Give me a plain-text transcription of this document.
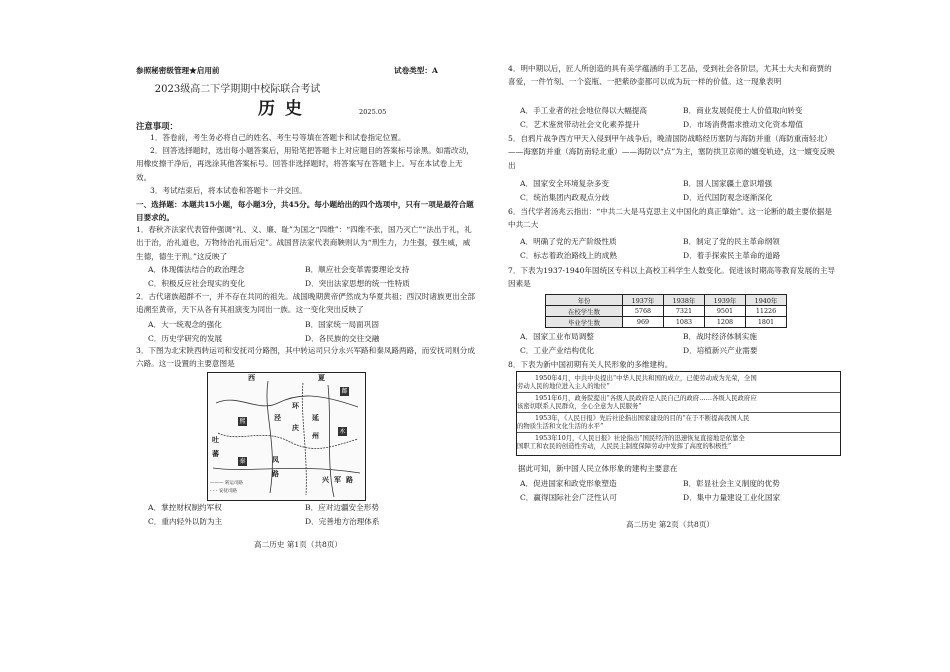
参照秘密级管理★启用前	试卷类型：A
2023级高二下学期期中校际联合考试
历 史	2025.05
注意事项：
1．答卷前，考生务必将自己的姓名、考生号等填在答题卡和试卷指定位置。
2．回答选择题时，选出每小题答案后，用铅笔把答题卡上对应题目的答案标号涂黑。如需改动，用橡皮擦干净后，再选涂其他答案标号。回答非选择题时，将答案写在答题卡上。写在本试卷上无效。
3．考试结束后，将本试卷和答题卡一并交回。
一、选择题：本题共15小题，每小题3分，共45分。每小题给出的四个选项中，只有一项是最符合题目要求的。
1．春秋齐法家代表管仲强调“礼、义、廉、耻”为国之“四维”：“四维不张，国乃灭亡”“法出于礼，礼出于治，治礼道也，万物待治礼而后定”。战国晋法家代表商鞅则认为“刑生力，力生强，强生威，威生德，德生于刑。”这反映了
A．体现儒法结合的政治理念	B．顺应社会变革需要理论支持
C．积极反应社会现实的变化	D．突出法家思想的统一性特质
2．古代诸族超群不一，并不存在共同的祖先。战国晚期黄帝俨然成为华夏共祖；西汉时诸族更出全部追溯至黄帝，天下从各有其祖演变为同出一族。这一变化突出反映了
A．大一统观念的强化	B．国家统一局面巩固
C．历史学研究的发展	D．各民族的交往交融
3．下图为北宋陕西转运司和安抚司分路图，其中转运司只分永兴军路和秦凤路两路，而安抚司则分成六路。这一设置的主要意图是
西	夏
吐
蕃
熙
秦
泾
环
鄜
延
庆
州	永
凤
路
兴 军 路
——— 转运司路
- - - 安抚司路
A．掌控财权制约军权	B．应对边疆安全形势
C．重内轻外以防为主	D．完善地方治理体系
高二历史 第1页（共8页）
4．明中期以后，匠人所创造的具有美学蕴涵的手工艺品，受到社会各阶层，尤其士大夫和商贾的喜爱，一件竹刻、一个瓷瓶、一把紫砂壶都可以成为玩一样的价值。这一现象表明
A．手工业者的社会地位得以大幅提高	B．商业发展促使士人价值取向转变
C．艺术鉴赏带动社会文化素养提升	D．市场消费需求推动文化资本增值
5．自鸦片战争西方甲天入侵到甲午战争后，晚清国防战略经历塞防与海防并重（海防重南轻北）——海塞防并重（海防南轻北重）——海防以“点”为主，塞防拱卫京师的嬗变轨迹，这一嬗变反映出
A．国家安全环境复杂多变	B．国人国家疆土意识增强
C．统治集团内政观点分歧	D．近代国防观念逐渐深化
6．当代学者汤兆云指出：“中共二大是马克思主义中国化的真正肇始”。这一论断的最主要依据是中共二大
A．明确了党的无产阶级性质	B．制定了党的民主革命纲领
C．标志着政治路线上的成熟	D．着手探索民主革命的道路
7．下表为1937-1940年国统区专科以上高校工科学生人数变化。促进该时期高等教育发展的主导因素是
年份	1937年	1938年	1939年	1940年
在校学生数	5768	7321	9501	11226
毕业学生数	969	1083	1208	1801
A．国家工业布局调整	B．战时经济体制实施
C．工业产业结构优化	D．培植新兴产业需要
8．下表为新中国初期有关人民形象的多维建构。
1950年4月，中共中央提出“中华人民共和国的成立，已使劳动成为光荣，全国
劳动人民的地位进入主人的地位”
1951年6月，政务院提出“各级人民政府是人民自己的政府……各级人民政府应
该密切联系人民群众，全心全意为人民服务”
1953年，《人民日报》先后社论指出国家建设的目的“在于不断提高我国人民
的物质生活和文化生活的水平”
1953年10月，《人民日报》社论指出“国民经济的迅速恢复直接地是依靠全
国职工和农民的创造性劳动，人民民主制度保障劳动中发挥了高度的积极性”
据此可知，新中国人民立体形象的建构主要意在
A．促进国家和政党形象塑造	B．彰显社会主义制度的优势
C．赢得国际社会广泛性认可	D．集中力量建设工业化国家
高二历史 第2页（共8页）
